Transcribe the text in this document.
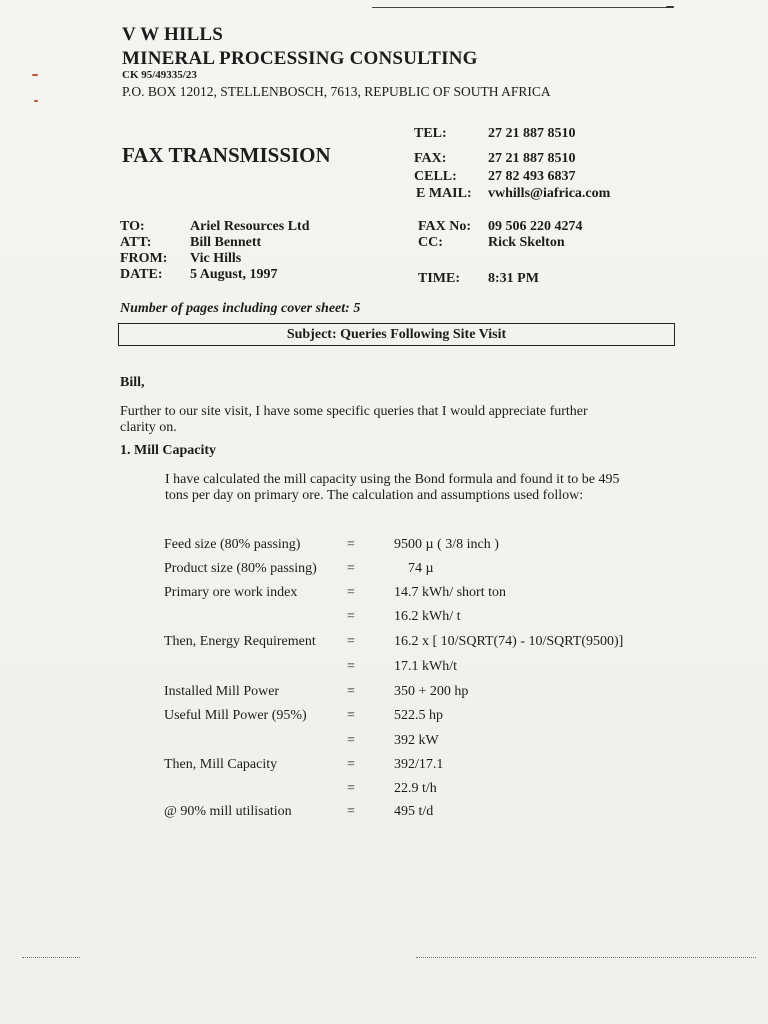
V W HILLS
MINERAL PROCESSING CONSULTING
CK 95/49335/23
P.O. BOX 12012, STELLENBOSCH, 7613, REPUBLIC OF SOUTH AFRICA
FAX TRANSMISSION
TEL:	27 21 887 8510
FAX:	27 21 887 8510
CELL: 27 82 493 6837
E MAIL: vwhills@iafrica.com
TO:	Ariel Resources Ltd
ATT:	Bill Bennett
FROM: Vic Hills
DATE: 5 August, 1997
FAX No: 09 506 220 4274
CC:	Rick Skelton
TIME: 8:31 PM
Number of pages including cover sheet: 5
Subject: Queries Following Site Visit
Bill,
Further to our site visit, I have some specific queries that I would appreciate further
clarity on.
1. Mill Capacity
I have calculated the mill capacity using the Bond formula and found it to be 495
tons per day on primary ore. The calculation and assumptions used follow:
Feed size (80% passing)	=	9500 µ ( 3/8 inch )
Product size (80% passing) =	74 µ
Primary ore work index	=	14.7 kWh/ short ton
=	16.2 kWh/ t
Then, Energy Requirement =	16.2 x [ 10/SQRT(74) - 10/SQRT(9500)]
=	17.1 kWh/t
Installed Mill Power	=	350 + 200 hp
Useful Mill Power (95%)	=	522.5 hp
=	392 kW
Then, Mill Capacity	=	392/17.1
=	22.9 t/h
@ 90% mill utilisation	=	495 t/d
